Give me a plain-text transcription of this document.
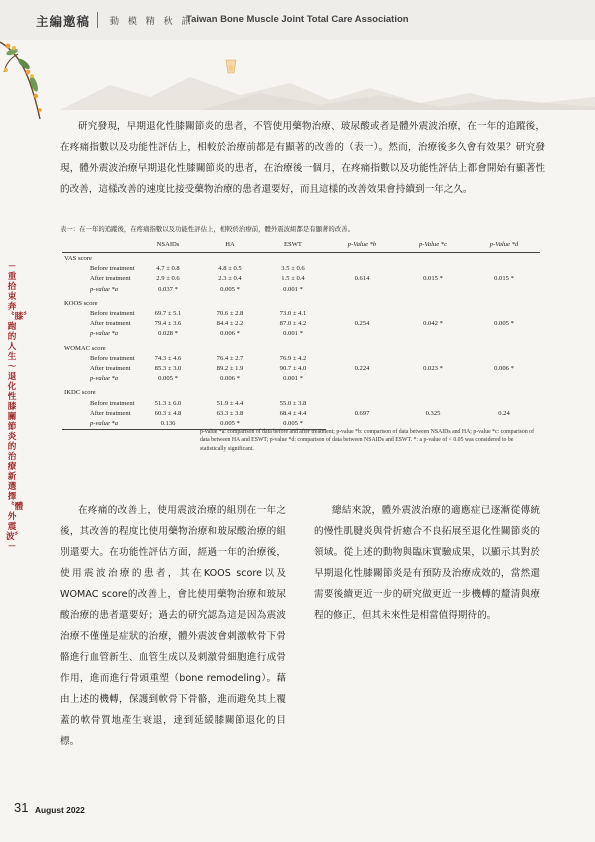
主編邀稿 動 模 精 秋 訊
Taiwan Bone Muscle Joint Total Care Association

研究發現，早期退化性膝關節炎的患者，不管使用藥物治療、玻尿酸或者是體外震波治療，在一年的追蹤後，在疼痛指數以及功能性評估上，相較於治療前都是有顯著的改善的（表一）。然而，治療後多久會有效果？研究發現，體外震波治療早期退化性膝關節炎的患者，在治療後一個月，在疼痛指數以及功能性評估上都會開始有顯著性的改善，這樣改善的速度比接受藥物治療的患者還要好，而且這樣的改善效果會持續到一年之久。

表一：在一年的追蹤後，在疼痛指數以及功能性評估上，相較於治療前，體外震波組都是有顯著的改善。
	NSAIDs	HA	ESWT	p-Value *b	p-Value *c	p-Value *d
VAS score						
Before treatment	4.7 ± 0.8	4.8 ± 0.5	3.5 ± 0.6	0.614	0.015 *	0.015 *
After treatment	2.9 ± 0.6	2.3 ± 0.4	1.5 ± 0.4			
p-value *a	0.037 *	0.005 *	0.001 *			

KOOS score						
Before treatment	69.7 ± 5.1	70.6 ± 2.8	73.0 ± 4.1	0.254	0.042 *	0.005 *
After treatment	79.4 ± 3.6	84.4 ± 2.2	87.0 ± 4.2			
p-value *a	0.028 *	0.006 *	0.001 *			

WOMAC score						
Before treatment	74.3 ± 4.6	76.4 ± 2.7	76.9 ± 4.2	0.224	0.023 *	0.006 *
After treatment	85.3 ± 3.0	89.2 ± 1.9	90.7 ± 4.0			
p-value *a	0.005 *	0.006 *	0.001 *			

IKDC score						
Before treatment	51.3 ± 6.0	51.9 ± 4.4	55.0 ± 3.8	0.697	0.325	0.24
After treatment	60.3 ± 4.8	63.3 ± 3.8	68.4 ± 4.4			
p-value *a	0.136	0.005 *	0.005 *			
p-value *a: comparison of data before and after treatment; p-value *b: comparison of data between NSAIDs and HA; p-value *c: comparison of data between HA and ESWT; p-value *d: comparison of data between NSAIDs and ESWT. *: a p-value of < 0.05 was considered to be statistically significant.

在疼痛的改善上，使用震波治療的組別在一年之後，其改善的程度比使用藥物治療和玻尿酸治療的組別還要大。在功能性評估方面，經過一年的治療後，使用震波治療的患者，其在KOOS score以及WOMAC score的改善上，會比使用藥物治療和玻尿酸治療的患者還要好；過去的研究認為這是因為震波治療不僅僅是症狀的治療，體外震波會刺激軟骨下骨骼進行血管新生、血管生成以及刺激骨細胞進行成骨作用，進而進行骨頭重塑（bone remodeling）。藉由上述的機轉，保護到軟骨下骨骼，進而避免其上覆蓋的軟骨質地產生衰退，達到延緩膝關節退化的目標。

總結來說，體外震波治療的適應症已逐漸從傳統的慢性肌腱炎與骨折癒合不良拓展至退化性關節炎的領域。從上述的動物與臨床實驗成果，以顯示其對於早期退化性膝關節炎是有預防及治療成效的，當然還需要後續更近一步的研究做更近一步機轉的釐清與療程的修正，但其未來性是相當值得期待的。

－重拾束奔〝膝〞跑的人生～退化性膝關節炎的治療新選擇〝體外震波〞－
31 August 2022
